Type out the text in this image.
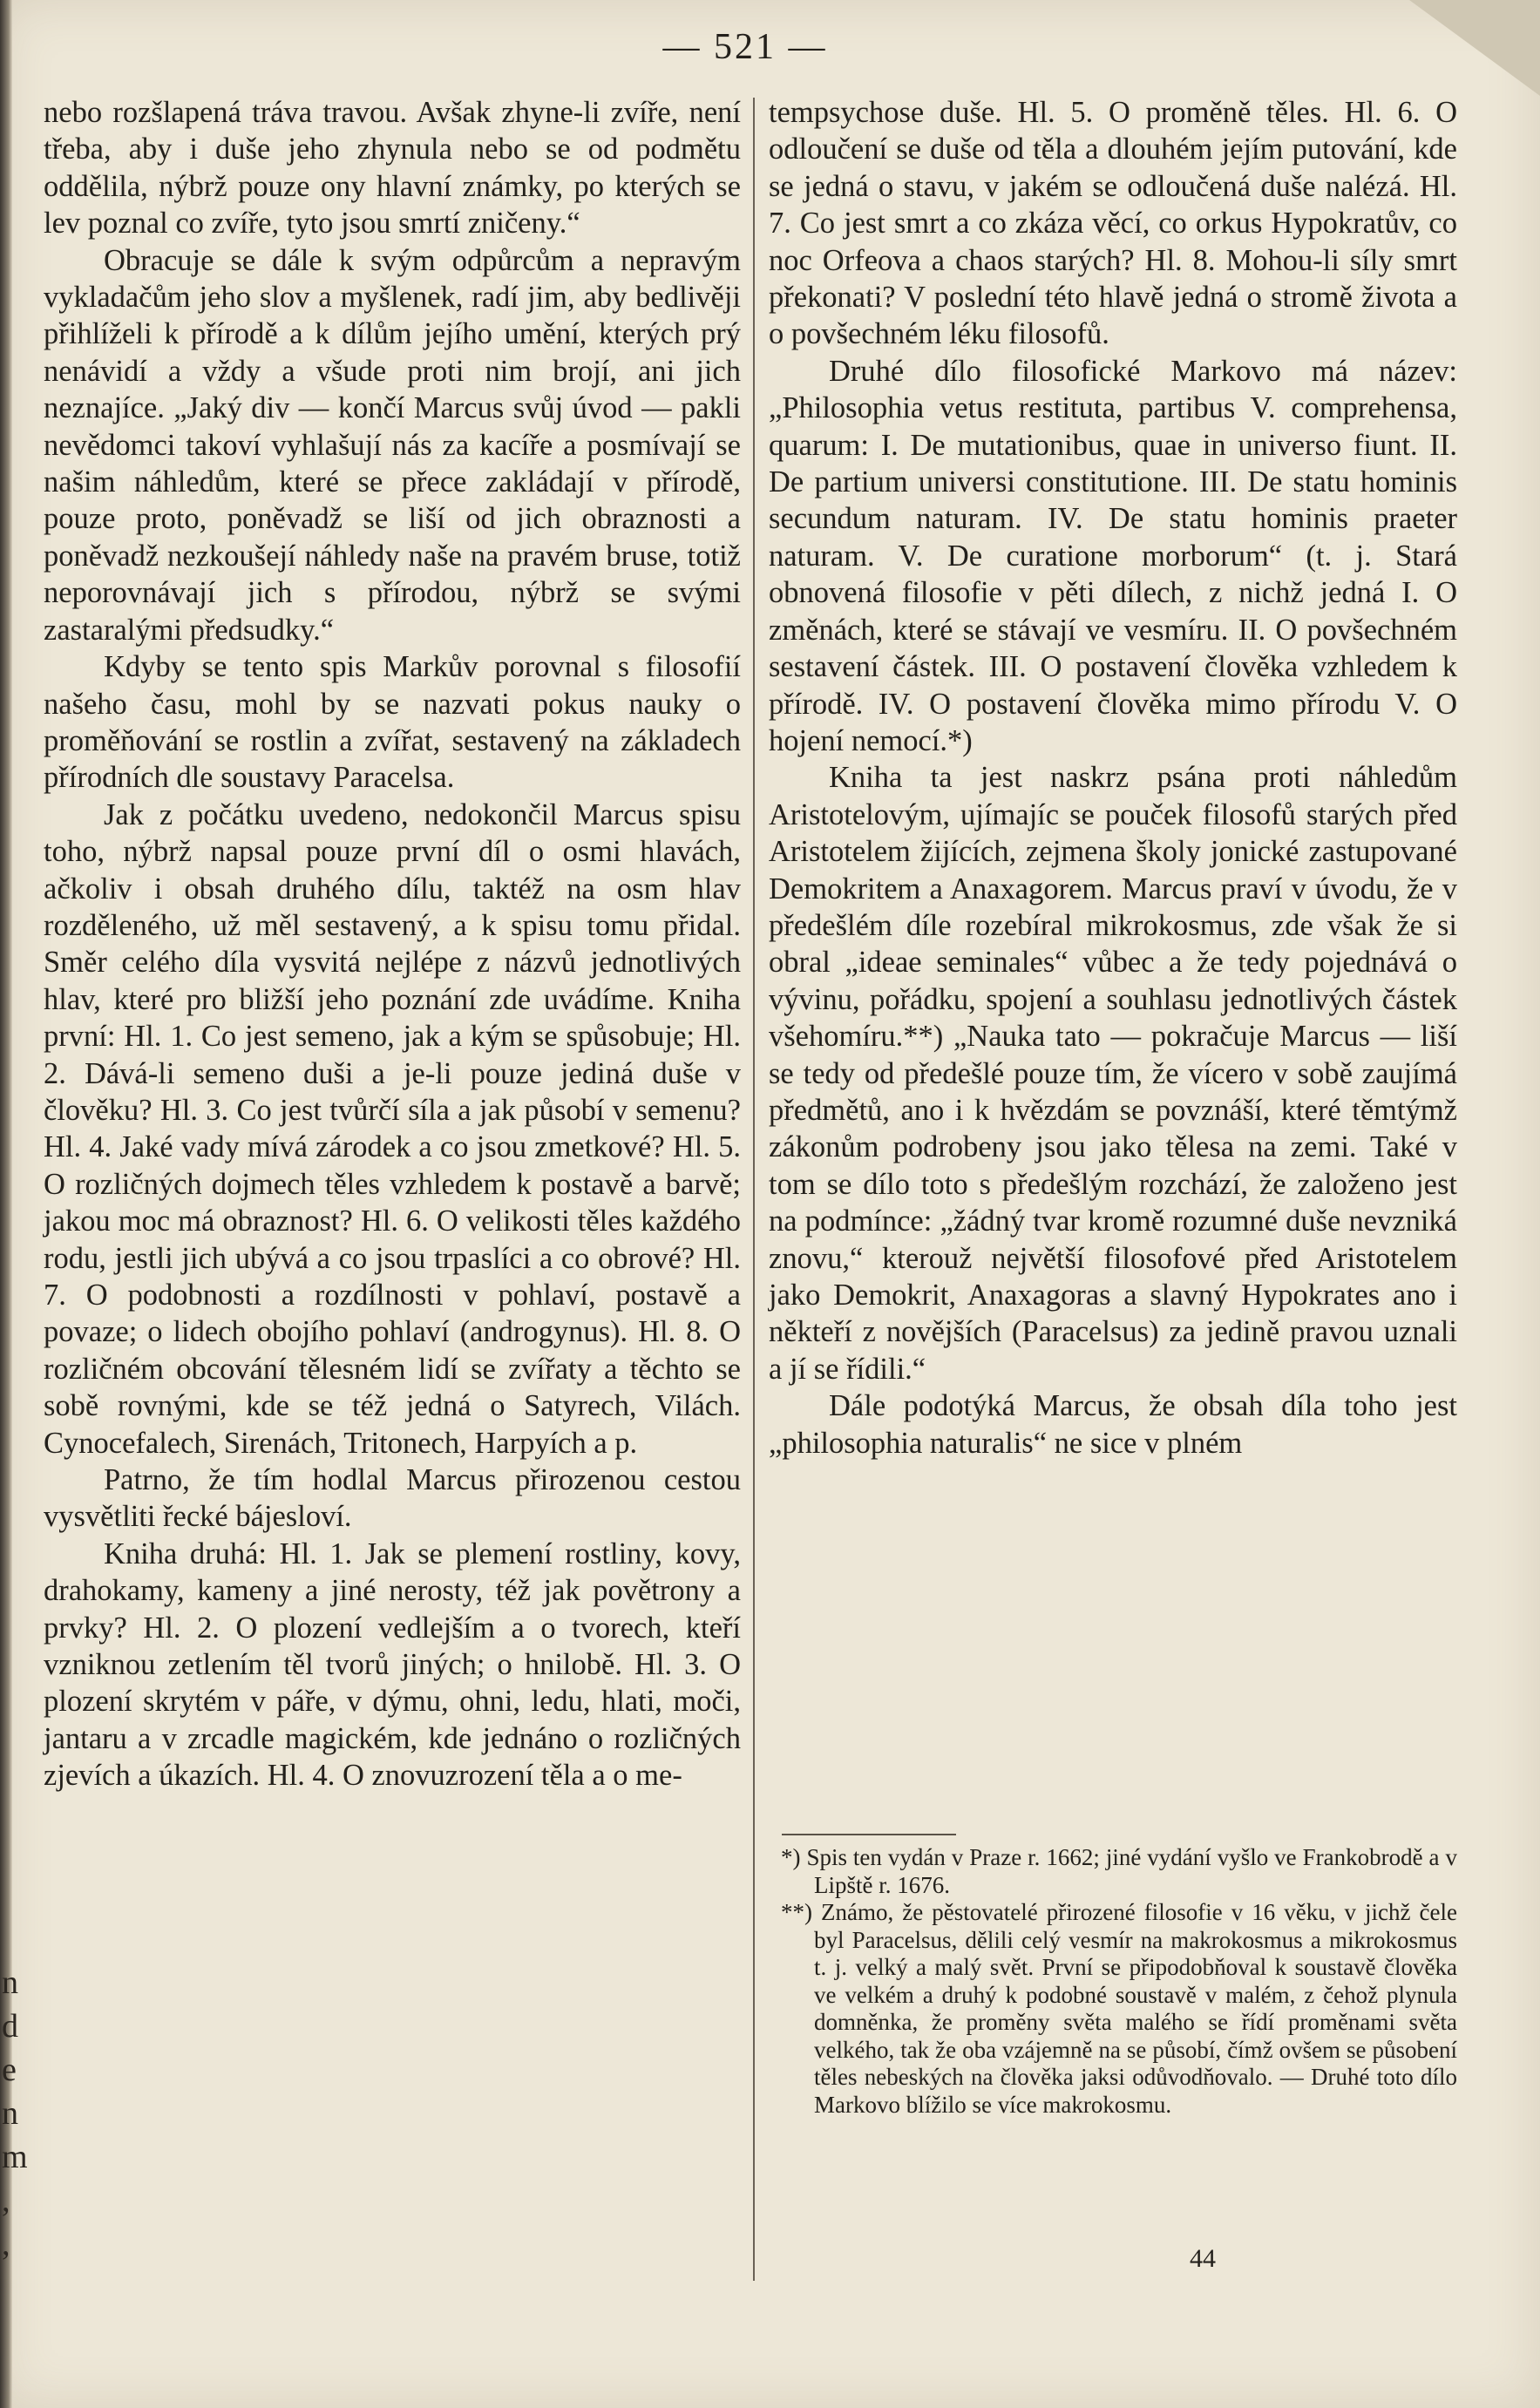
n
d
e
n
m
,
,
— 521 —

nebo rozšlapená tráva travou. Avšak zhyne-li zvíře, není třeba, aby i duše jeho zhynula nebo se od podmětu oddělila, nýbrž pouze ony hlavní známky, po kterých se lev poznal co zvíře, tyto jsou smrtí zničeny.“

Obracuje se dále k svým odpůrcům a nepravým vykladačům jeho slov a myšlenek, radí jim, aby bedlivěji přihlíželi k přírodě a k dílům jejího umění, kterých prý nenávidí a vždy a všude proti nim brojí, ani jich neznajíce. „Jaký div — končí Marcus svůj úvod — pakli nevědomci takoví vyhlašují nás za kacíře a posmívají se našim náhledům, které se přece zakládají v přírodě, pouze proto, poněvadž se liší od jich obraznosti a poněvadž nezkoušejí náhledy naše na pravém brusе, totiž neporovnávají jich s přírodou, nýbrž se svými zastaralými předsudky.“

Kdyby se tento spis Markův porovnal s filosofií našeho času, mohl by se nazvati pokus nauky o proměňování se rostlin a zvířat, sestavený na základech přírodních dle soustavy Paracelsa.

Jak z počátku uvedeno, nedokončil Marcus spisu toho, nýbrž napsal pouze první díl o osmi hlavách, ačkoliv i obsah druhého dílu, taktéž na osm hlav rozděleného, už měl sestavený, a k spisu tomu přidal. Směr celého díla vysvitá nejlépe z názvů jednotlivých hlav, které pro bližší jeho poznání zde uvádíme. Kniha první: Hl. 1. Co jest semeno, jak a kým se spůsobuje; Hl. 2. Dává-li semeno duši a je-li pouze jediná duše v člověku? Hl. 3. Co jest tvůrčí síla a jak působí v semenu? Hl. 4. Jaké vady mívá zárodek a co jsou zmetkové? Hl. 5. O rozličných dojmech těles vzhledem k postavě a barvě; jakou moc má obraznost? Hl. 6. O velikosti těles každého rodu, jestli jich ubývá a co jsou trpaslíci a co obrové? Hl. 7. O podobnosti a rozdílnosti v pohlaví, postavě a povaze; o lidech obojího pohlaví (androgynus). Hl. 8. O rozličném obcování tělesném lidí se zvířaty a těchto se sobě rovnými, kde se též jedná o Satyrech, Vilách. Cynocefalech, Sirenách, Tritonech, Harpyích a p.

Patrno, že tím hodlal Marcus přirozenou cestou vysvětliti řecké bájesloví.

Kniha druhá: Hl. 1. Jak se plemení rostliny, kovy, drahokamy, kameny a jiné nerosty, též jak povětrony a prvky? Hl. 2. O plození vedlejším a o tvorech, kteří vzniknou zetlením těl tvorů jiných; o hnilobě. Hl. 3. O plození skrytém v páře, v dýmu, ohni, ledu, hlati, moči, jantaru a v zrcadle magickém, kde jednáno o rozličných zjevích a úkazích. Hl. 4. O znovuzrození těla a o me-

tempsychose duše. Hl. 5. O proměně těles. Hl. 6. O odloučení se duše od těla a dlouhém jejím putování, kde se jedná o stavu, v jakém se odloučená duše nalézá. Hl. 7. Co jest smrt a co zkáza věcí, co orkus Hypokratův, co noc Orfeova a chaos starých? Hl. 8. Mohou-li síly smrt překonati? V poslední této hlavě jedná o stromě života a o povšechném léku filosofů.

Druhé dílo filosofické Markovo má název: „Philosophia vetus restituta, partibus V. comprehensa, quarum: I. De mutationibus, quae in universo fiunt. II. De partium universi constitutione. III. De statu hominis secundum naturam. IV. De statu hominis praeter naturam. V. De curatione morborum“ (t. j. Stará obnovená filosofie v pěti dílech, z nichž jedná I. O změnách, které se stávají ve vesmíru. II. O povšechném sestavení částek. III. O postavení člověka vzhledem k přírodě. IV. O postavení člověka mimo přírodu V. O hojení nemocí.*)

Kniha ta jest naskrz psána proti náhledům Aristotelovým, ujímajíc se pouček filosofů starých před Aristotelem žijících, zejmena školy jonické zastupované Demokritem a Anaxagorem. Marcus praví v úvodu, že v předešlém díle rozebíral mikrokosmus, zde však že si obral „ideae seminales“ vůbec a že tedy pojednává o vývinu, pořádku, spojení a souhlasu jednotlivých částek všehomíru.**) „Nauka tato — pokračuje Marcus — liší se tedy od předešlé pouze tím, že vícero v sobě zaujímá předmětů, ano i k hvězdám se povznáší, které těmtýmž zákonům podrobeny jsou jako tělesa na zemi. Také v tom se dílo toto s předešlým rozchází, že založeno jest na podmínce: „žádný tvar kromě rozumné duše nevzniká znovu,“ kterouž největší filosofové před Aristotelem jako Demokrit, Anaxagoras a slavný Hypokrates ano i někteří z novějších (Paracelsus) za jedině pravou uznali a jí se řídili.“

Dále podotýká Marcus, že obsah díla toho jest „philosophia naturalis“ ne sice v plném

*) Spis ten vydán v Praze r. 1662; jiné vydání vyšlo ve Frankobrodě a v Lipště r. 1676.

**) Známo, že pěstovatelé přirozené filosofie v 16 věku, v jichž čele byl Paracelsus, dělili celý vesmír na makrokosmus a mikrokosmus t. j. velký a malý svět. První se připodobňoval k soustavě člověka ve velkém a druhý k podobné soustavě v malém, z čehož plynula domněnka, že proměny světa malého se řídí proměnami světa velkého, tak že oba vzájemně na se působí, čímž ovšem se působení těles nebeských na člověka jaksi odůvodňovalo. — Druhé toto dílo Markovo blížilo se více makrokosmu.

44
